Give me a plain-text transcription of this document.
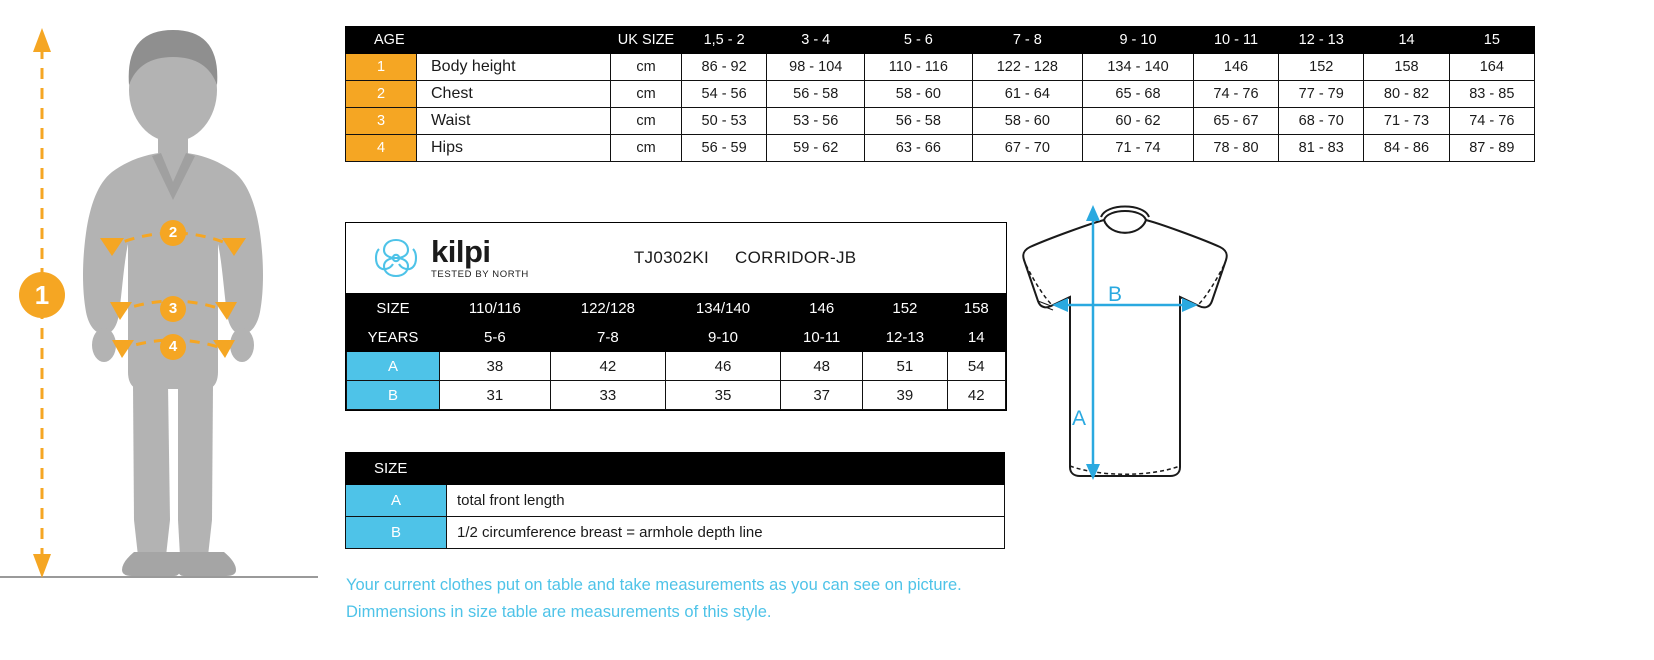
1
2
3
4
AGE		UK SIZE	1,5 - 2	3 - 4	5 - 6	7 - 8	9 - 10	10 - 11	12 - 13	14	15
1	Body height	cm	86 - 92	98 - 104	110 - 116	122 - 128	134 - 140	146	152	158	164
2	Chest	cm	54 - 56	56 - 58	58 - 60	61 - 64	65 - 68	74 - 76	77 - 79	80 - 82	83 - 85
3	Waist	cm	50 - 53	53 - 56	56 - 58	58 - 60	60 - 62	65 - 67	68 - 70	71 - 73	74 - 76
4	Hips	cm	56 - 59	59 - 62	63 - 66	67 - 70	71 - 74	78 - 80	81 - 83	84 - 86	87 - 89
kilpi
TESTED BY NORTH
TJ0302KI CORRIDOR-JB
SIZE	110/116	122/128	134/140	146	152	158
YEARS	5-6	7-8	9-10	10-11	12-13	14
A	38	42	46	48	51	54
B	31	33	35	37	39	42
SIZE	
A	total front length
B	1/2 circumference breast = armhole depth line
Your current clothes put on table and take measurements as you can see on picture.
Dimmensions in size table are measurements of this style.
B
A
